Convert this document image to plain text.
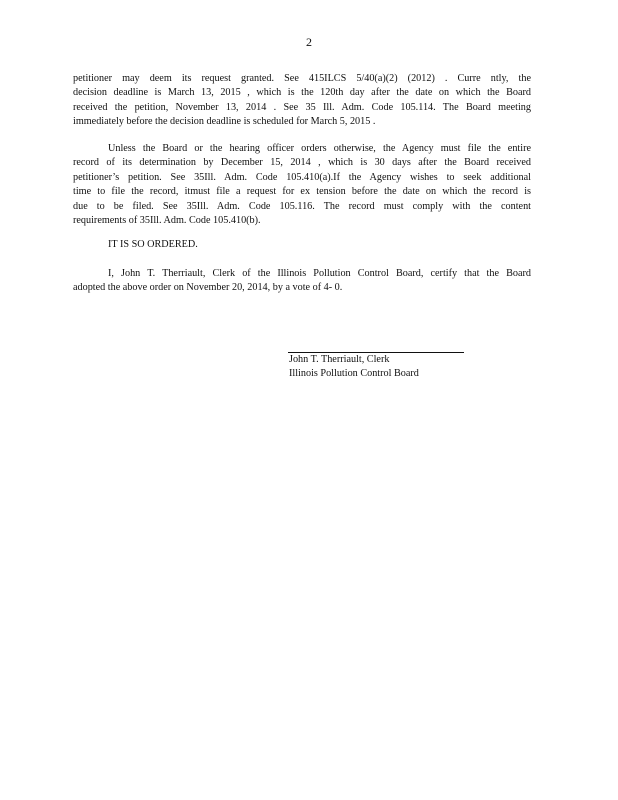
2

petitioner may deem its request granted. See 415ILCS 5/40(a)(2) (2012) . Curre ntly, the
decision deadline is March 13, 2015 , which is the 120th day after the date on which the Board
received the petition, November 13, 2014 . See 35 Ill. Adm. Code 105.114. The Board meeting
immediately before the decision deadline is scheduled for March 5, 2015 .

Unless the Board or the hearing officer orders otherwise, the Agency must file the entire
record of its determination by December 15, 2014 , which is 30 days after the Board received
petitioner’s petition. See 35Ill. Adm. Code 105.410(a).If the Agency wishes to seek additional
time to file the record, itmust file a request for ex tension before the date on which the record is
due to be filed. See 35Ill. Adm. Code 105.116. The record must comply with the content
requirements of 35Ill. Adm. Code 105.410(b).

IT IS SO ORDERED.

I, John T. Therriault, Clerk of the Illinois Pollution Control Board, certify that the Board
adopted the above order on November 20, 2014, by a vote of 4- 0.

John T. Therriault, Clerk

Illinois Pollution Control Board
